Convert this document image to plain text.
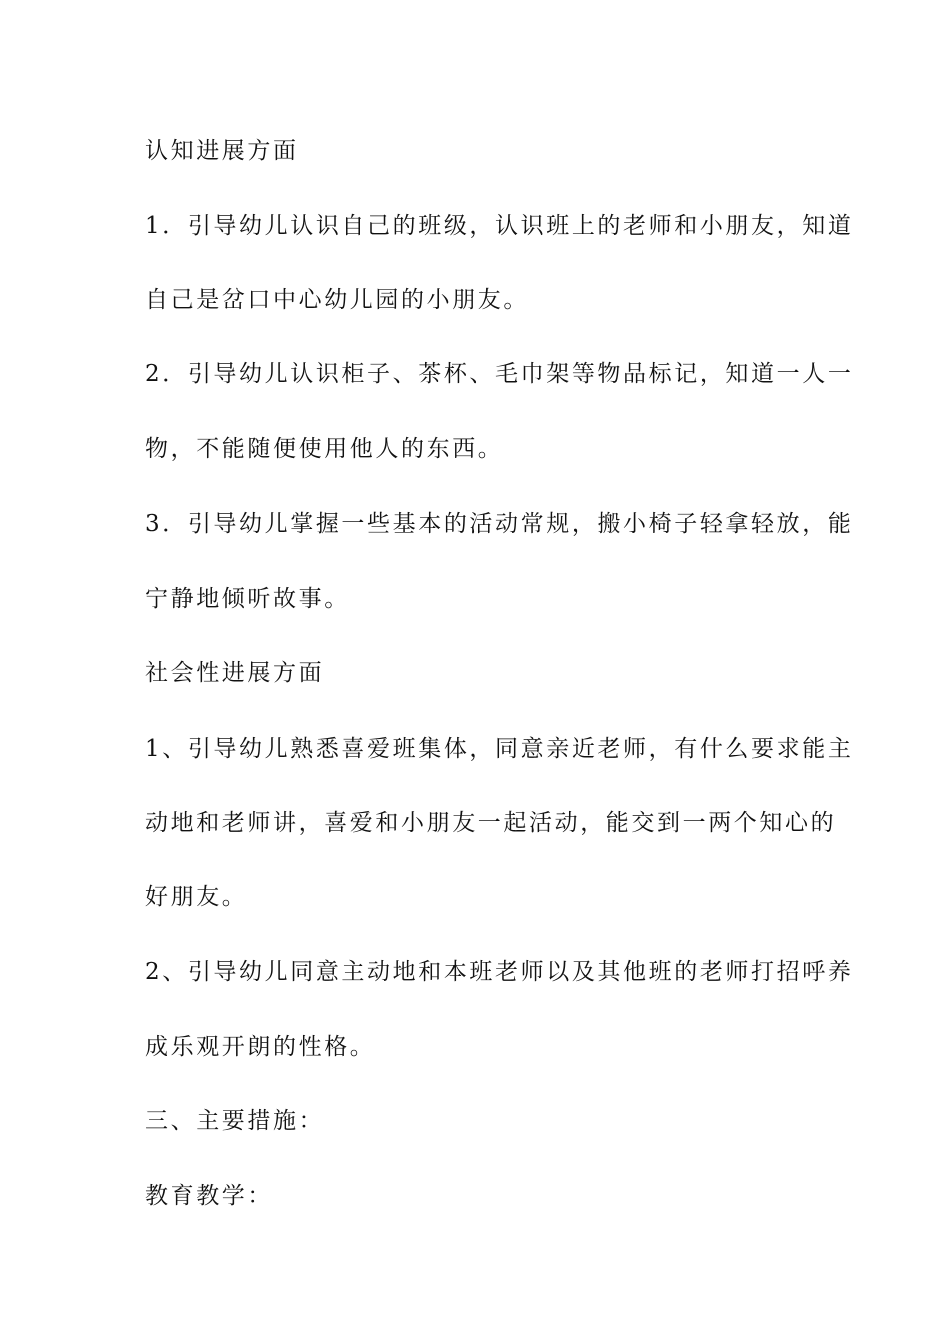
认知进展方面

1．引导幼儿认识自己的班级，认识班上的老师和小朋友，知道

自己是岔口中心幼儿园的小朋友。

2．引导幼儿认识柜子、茶杯、毛巾架等物品标记，知道一人一

物，不能随便使用他人的东西。

3．引导幼儿掌握一些基本的活动常规，搬小椅子轻拿轻放，能

宁静地倾听故事。

社会性进展方面

1、引导幼儿熟悉喜爱班集体，同意亲近老师，有什么要求能主

动地和老师讲，喜爱和小朋友一起活动，能交到一两个知心的

好朋友。

2、引导幼儿同意主动地和本班老师以及其他班的老师打招呼养

成乐观开朗的性格。

三、主要措施：

教育教学：
